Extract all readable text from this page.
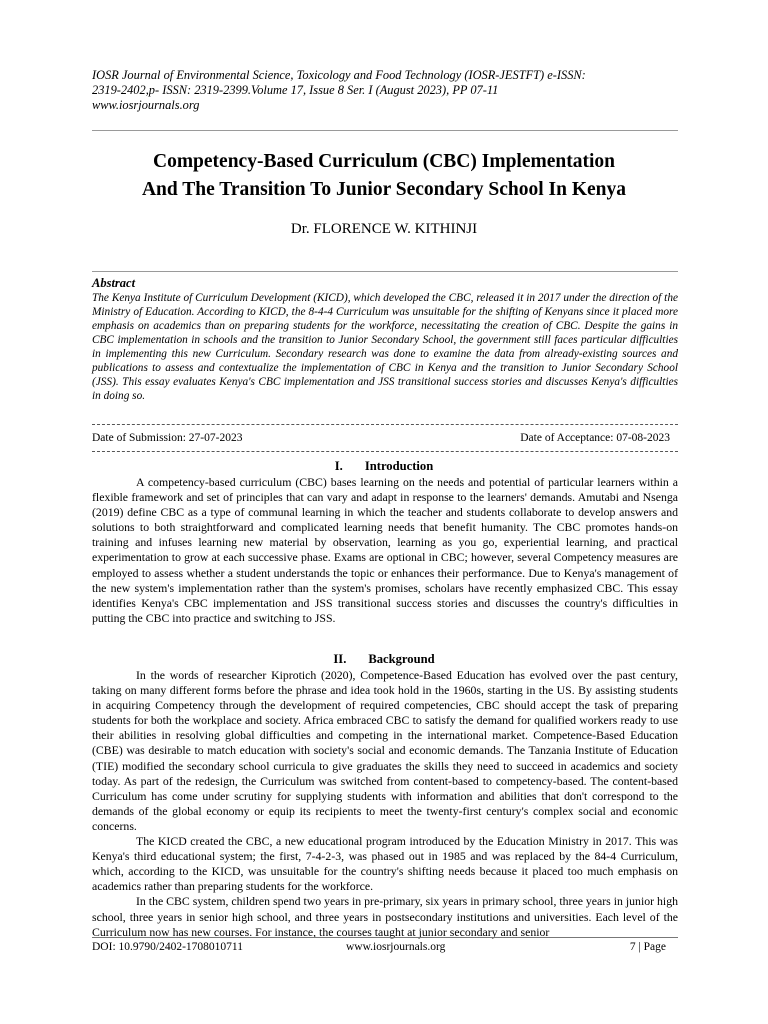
IOSR Journal of Environmental Science, Toxicology and Food Technology (IOSR-JESTFT) e-ISSN:
2319-2402,p- ISSN: 2319-2399.Volume 17, Issue 8 Ser. I (August 2023), PP 07-11
www.iosrjournals.org
Competency-Based Curriculum (CBC) Implementation
And The Transition To Junior Secondary School In Kenya
Dr. FLORENCE W. KITHINJI
Abstract
The Kenya Institute of Curriculum Development (KICD), which developed the CBC, released it in 2017 under the direction of the Ministry of Education. According to KICD, the 8-4-4 Curriculum was unsuitable for the shifting of Kenyans since it placed more emphasis on academics than on preparing students for the workforce, necessitating the creation of CBC. Despite the gains in CBC implementation in schools and the transition to Junior Secondary School, the government still faces particular difficulties in implementing this new Curriculum. Secondary research was done to examine the data from already-existing sources and publications to assess and contextualize the implementation of CBC in Kenya and the transition to Junior Secondary School (JSS). This essay evaluates Kenya's CBC implementation and JSS transitional success stories and discusses Kenya's difficulties in doing so.
Date of Submission: 27-07-2023	Date of Acceptance: 07-08-2023
I. Introduction

A competency-based curriculum (CBC) bases learning on the needs and potential of particular learners within a flexible framework and set of principles that can vary and adapt in response to the learners' demands. Amutabi and Nsenga (2019) define CBC as a type of communal learning in which the teacher and students collaborate to develop answers and solutions to both straightforward and complicated learning needs that benefit humanity. The CBC promotes hands-on training and infuses learning new material by observation, learning as you go, experiential learning, and practical experimentation to grow at each successive phase. Exams are optional in CBC; however, several Competency measures are employed to assess whether a student understands the topic or enhances their performance. Due to Kenya's management of the new system's implementation rather than the system's promises, scholars have recently emphasized CBC. This essay identifies Kenya's CBC implementation and JSS transitional success stories and discusses the country's difficulties in putting the CBC into practice and switching to JSS.

II. Background

In the words of researcher Kiprotich (2020), Competence-Based Education has evolved over the past century, taking on many different forms before the phrase and idea took hold in the 1960s, starting in the US. By assisting students in acquiring Competency through the development of required competencies, CBC should accept the task of preparing students for both the workplace and society. Africa embraced CBC to satisfy the demand for qualified workers ready to use their abilities in resolving global difficulties and competing in the international market. Competence-Based Education (CBE) was desirable to match education with society's social and economic demands. The Tanzania Institute of Education (TIE) modified the secondary school curricula to give graduates the skills they need to succeed in academics and society today. As part of the redesign, the Curriculum was switched from content-based to competency-based. The content-based Curriculum has come under scrutiny for supplying students with information and abilities that don't correspond to the demands of the global economy or equip its recipients to meet the twenty-first century's complex social and economic concerns.

The KICD created the CBC, a new educational program introduced by the Education Ministry in 2017. This was Kenya's third educational system; the first, 7-4-2-3, was phased out in 1985 and was replaced by the 84-4 Curriculum, which, according to the KICD, was unsuitable for the country's shifting needs because it placed too much emphasis on academics rather than preparing students for the workforce.

In the CBC system, children spend two years in pre-primary, six years in primary school, three years in junior high school, three years in senior high school, and three years in postsecondary institutions and universities. Each level of the Curriculum now has new courses. For instance, the courses taught at junior secondary and senior

DOI: 10.9790/2402-1708010711	www.iosrjournals.org	7 | Page
